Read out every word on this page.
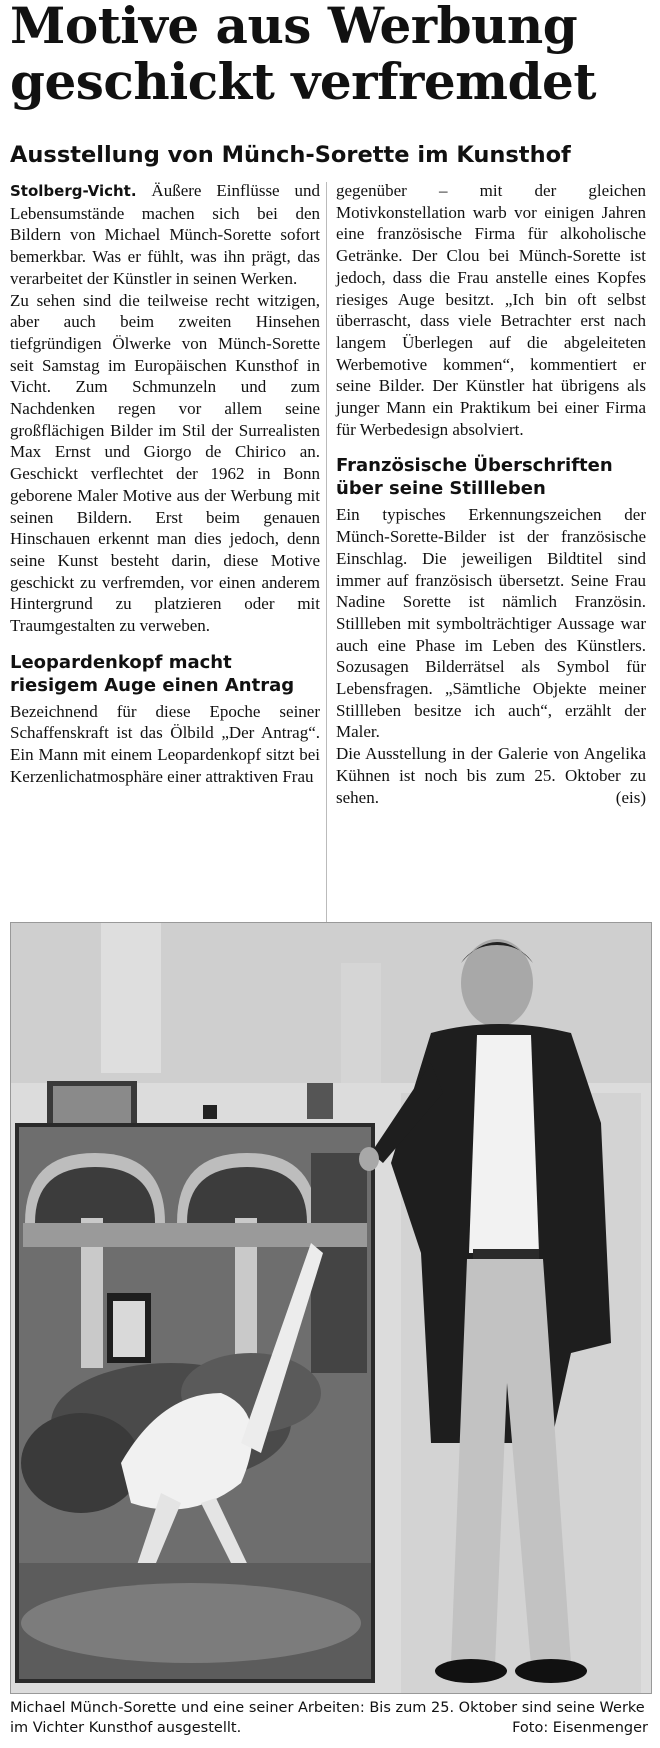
Motive aus Werbung geschickt verfremdet
Ausstellung von Münch-Sorette im Kunsthof

Stolberg-Vicht. Äußere Einflüsse und Lebensumstände machen sich bei den Bildern von Michael Münch-Sorette sofort bemerkbar. Was er fühlt, was ihn prägt, das verarbeitet der Künstler in seinen Werken.

Zu sehen sind die teilweise recht witzigen, aber auch beim zweiten Hinsehen tiefgründigen Ölwerke von Münch-Sorette seit Samstag im Europäischen Kunsthof in Vicht. Zum Schmunzeln und zum Nachdenken regen vor allem seine großflächigen Bilder im Stil der Surrealisten Max Ernst und Giorgo de Chirico an. Geschickt verflechtet der 1962 in Bonn geborene Maler Motive aus der Werbung mit seinen Bildern. Erst beim genauen Hinschauen erkennt man dies jedoch, denn seine Kunst besteht darin, diese Motive geschickt zu verfremden, vor einen anderem Hintergrund zu platzieren oder mit Traumgestalten zu verweben.

Leopardenkopf macht riesigem Auge einen Antrag

Bezeichnend für diese Epoche seiner Schaffenskraft ist das Ölbild „Der Antrag“. Ein Mann mit einem Leopardenkopf sitzt bei Kerzenlichatmosphäre einer attraktiven Frau

gegenüber – mit der gleichen Motivkonstellation warb vor einigen Jahren eine französische Firma für alkoholische Getränke. Der Clou bei Münch-Sorette ist jedoch, dass die Frau anstelle eines Kopfes riesiges Auge besitzt. „Ich bin oft selbst überrascht, dass viele Betrachter erst nach langem Überlegen auf die abgeleiteten Werbemotive kommen“, kommentiert er seine Bilder. Der Künstler hat übrigens als junger Mann ein Praktikum bei einer Firma für Werbedesign absolviert.

Französische Überschriften über seine Stillleben

Ein typisches Erkennungszeichen der Münch-Sorette-Bilder ist der französische Einschlag. Die jeweiligen Bildtitel sind immer auf französisch übersetzt. Seine Frau Nadine Sorette ist nämlich Französin. Stillleben mit symbolträchtiger Aussage war auch eine Phase im Leben des Künstlers. Sozusagen Bilderrätsel als Symbol für Lebensfragen. „Sämtliche Objekte meiner Stillleben besitze ich auch“, erzählt der Maler.

Die Ausstellung in der Galerie von Angelika Kühnen ist noch bis zum 25. Oktober zu sehen.	(eis)

Michael Münch-Sorette und eine seiner Arbeiten: Bis zum 25. Oktober sind seine Werke im Vichter Kunsthof ausgestellt.	Foto: Eisenmenger
